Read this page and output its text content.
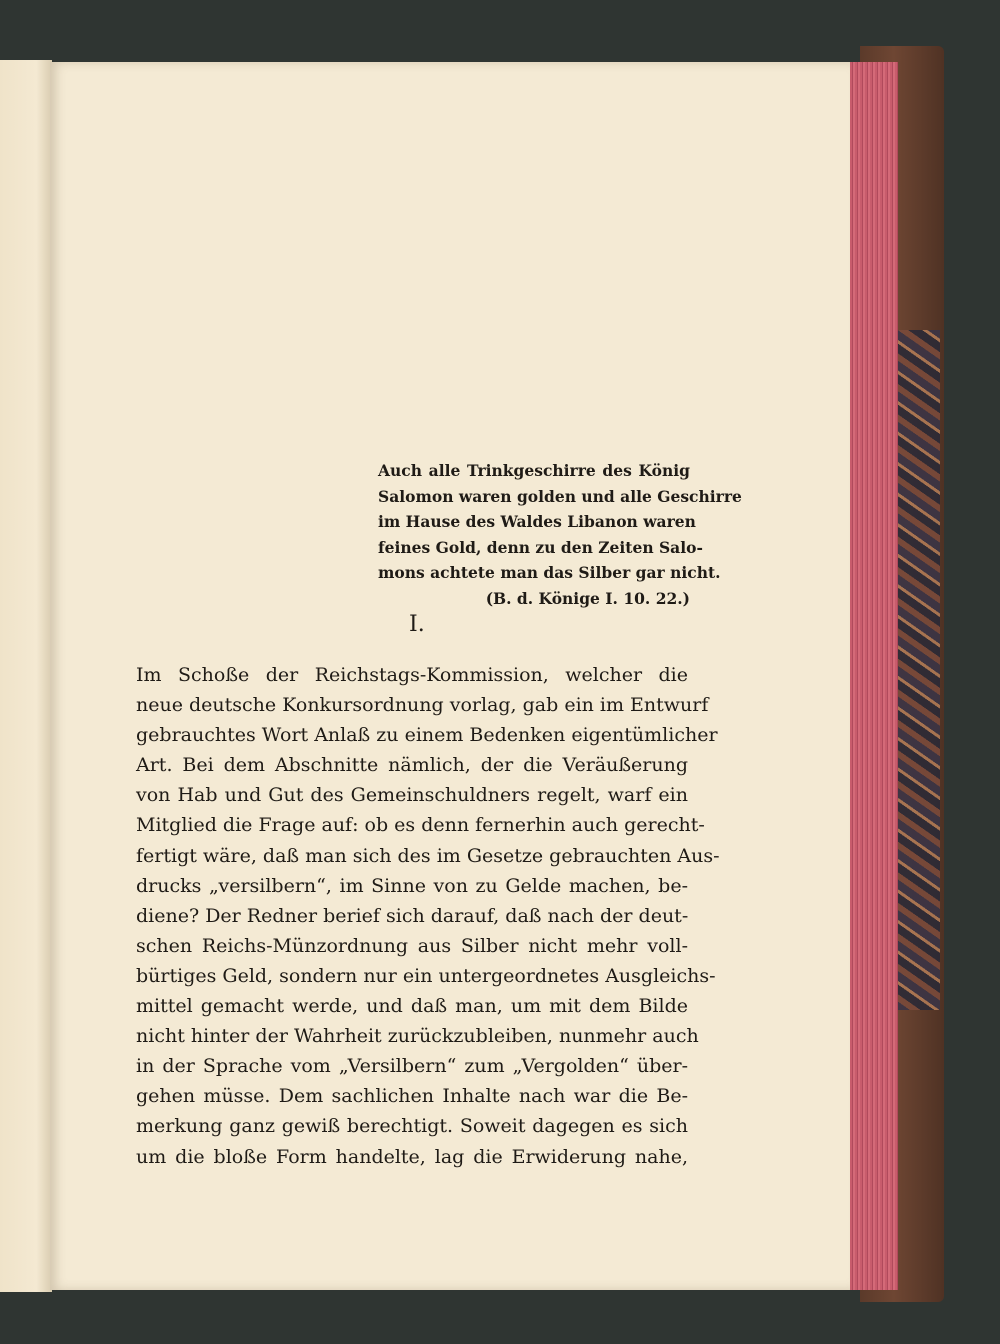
Auch alle Trinkgeschirre des König
Salomon waren golden und alle Geschirre
im Hause des Waldes Libanon waren
feines Gold, denn zu den Zeiten Salo-
mons achtete man das Silber gar nicht.
(B. d. Könige I. 10. 22.)
I.
Im Schoße der Reichstags-Kommission, welcher die
neue deutsche Konkursordnung vorlag, gab ein im Entwurf
gebrauchtes Wort Anlaß zu einem Bedenken eigentümlicher
Art. Bei dem Abschnitte nämlich, der die Veräußerung
von Hab und Gut des Gemeinschuldners regelt, warf ein
Mitglied die Frage auf: ob es denn fernerhin auch gerecht-
fertigt wäre, daß man sich des im Gesetze gebrauchten Aus-
drucks „versilbern“, im Sinne von zu Gelde machen, be-
diene? Der Redner berief sich darauf, daß nach der deut-
schen Reichs-Münzordnung aus Silber nicht mehr voll-
bürtiges Geld, sondern nur ein untergeordnetes Ausgleichs-
mittel gemacht werde, und daß man, um mit dem Bilde
nicht hinter der Wahrheit zurückzubleiben, nunmehr auch
in der Sprache vom „Versilbern“ zum „Vergolden“ über-
gehen müsse. Dem sachlichen Inhalte nach war die Be-
merkung ganz gewiß berechtigt. Soweit dagegen es sich
um die bloße Form handelte, lag die Erwiderung nahe,
